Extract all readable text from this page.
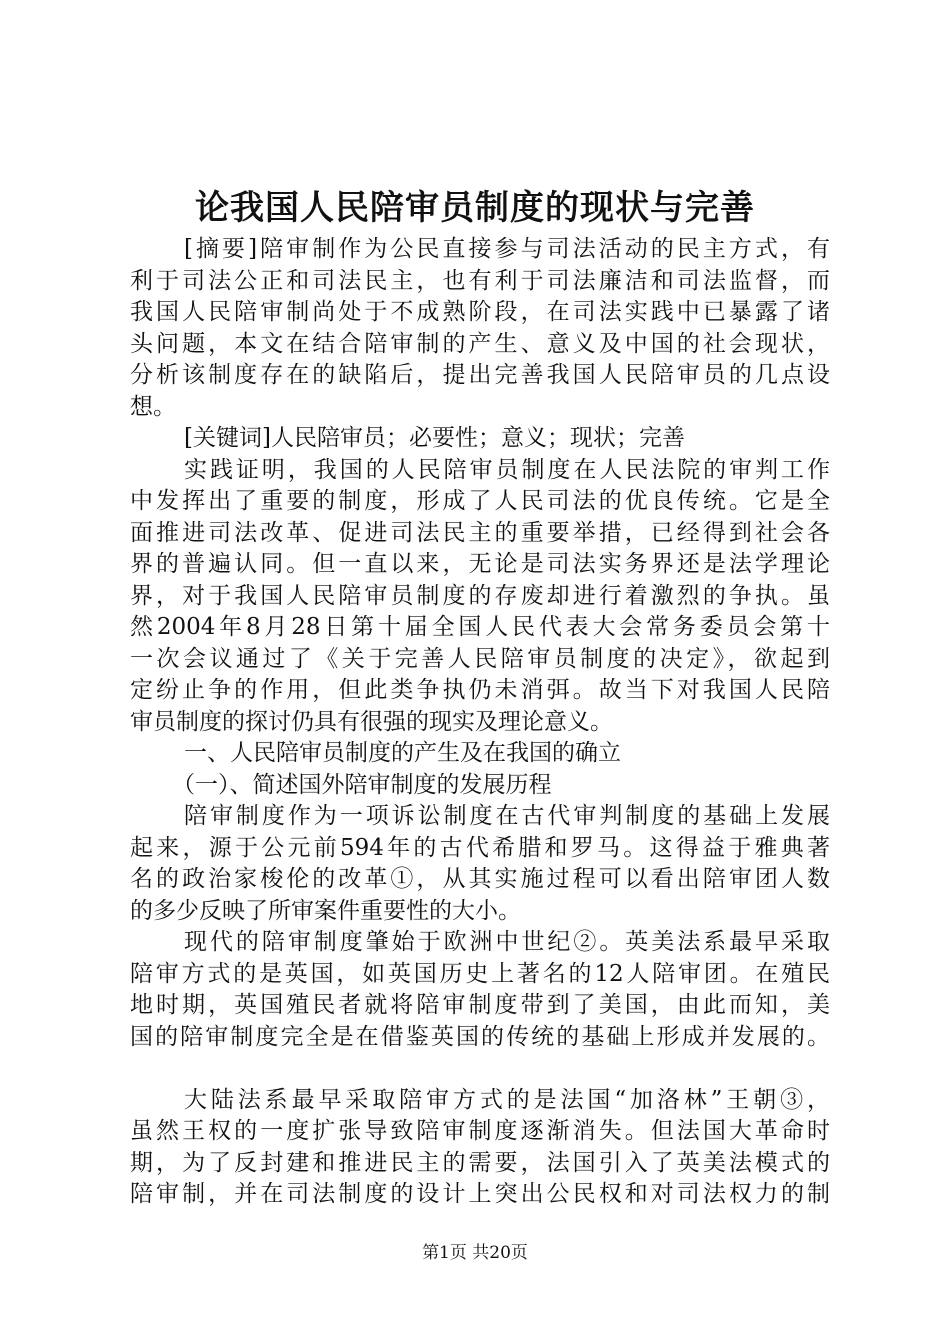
论我国人民陪审员制度的现状与完善
[摘要]陪审制作为公民直接参与司法活动的民主方式，有
利于司法公正和司法民主，也有利于司法廉洁和司法监督，而
我国人民陪审制尚处于不成熟阶段，在司法实践中已暴露了诸
头问题，本文在结合陪审制的产生、意义及中国的社会现状，
分析该制度存在的缺陷后，提出完善我国人民陪审员的几点设
想。
[关键词]人民陪审员；必要性；意义；现状；完善
实践证明，我国的人民陪审员制度在人民法院的审判工作
中发挥出了重要的制度，形成了人民司法的优良传统。它是全
面推进司法改革、促进司法民主的重要举措，已经得到社会各
界的普遍认同。但一直以来，无论是司法实务界还是法学理论
界，对于我国人民陪审员制度的存废却进行着激烈的争执。虽
然2004年8月28日第十届全国人民代表大会常务委员会第十
一次会议通过了《关于完善人民陪审员制度的决定》，欲起到
定纷止争的作用，但此类争执仍未消弭。故当下对我国人民陪
审员制度的探讨仍具有很强的现实及理论意义。
一、人民陪审员制度的产生及在我国的确立
（一）、简述国外陪审制度的发展历程
陪审制度作为一项诉讼制度在古代审判制度的基础上发展
起来，源于公元前594年的古代希腊和罗马。这得益于雅典著
名的政治家梭伦的改革①，从其实施过程可以看出陪审团人数
的多少反映了所审案件重要性的大小。
现代的陪审制度肇始于欧洲中世纪②。英美法系最早采取
陪审方式的是英国，如英国历史上著名的12人陪审团。在殖民
地时期，英国殖民者就将陪审制度带到了美国，由此而知，美
国的陪审制度完全是在借鉴英国的传统的基础上形成并发展的。
大陆法系最早采取陪审方式的是法国“加洛林”王朝③，
虽然王权的一度扩张导致陪审制度逐渐消失。但法国大革命时
期，为了反封建和推进民主的需要，法国引入了英美法模式的
陪审制，并在司法制度的设计上突出公民权和对司法权力的制
第1页 共20页
